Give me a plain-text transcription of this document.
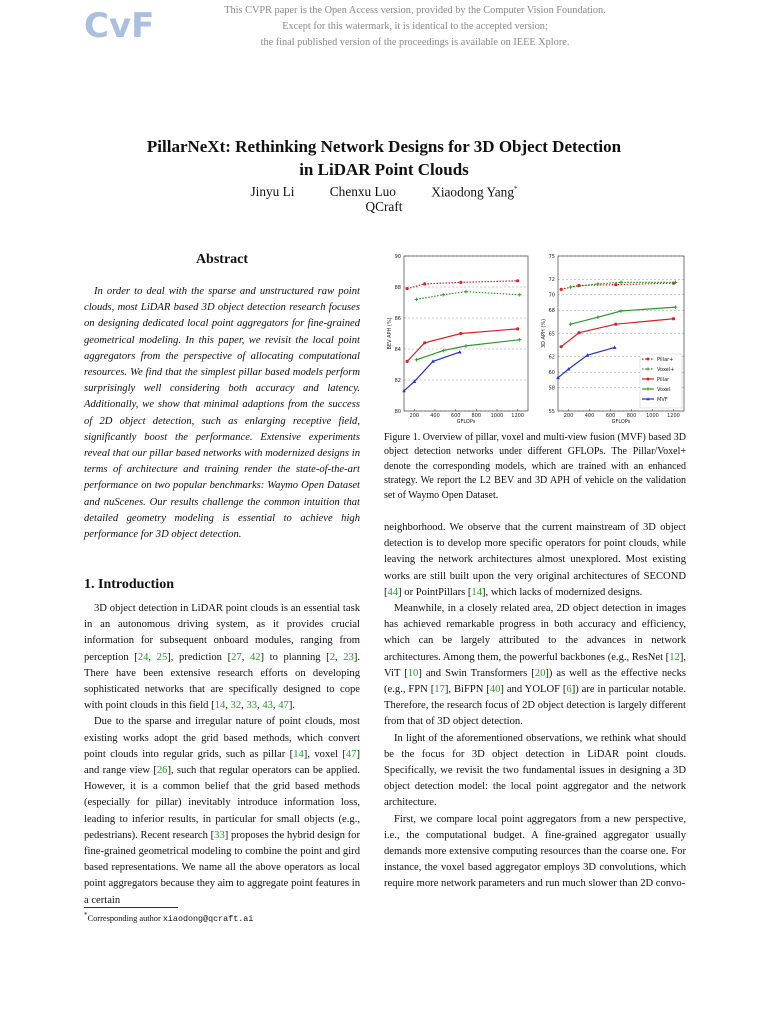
CvF	This CVPR paper is the Open Access version, provided by the Computer Vision Foundation.
Except for this watermark, it is identical to the accepted version;
the final published version of the proceedings is available on IEEE Xplore.
PillarNeXt: Rethinking Network Designs for 3D Object Detection
in LiDAR Point Clouds
Jinyu Li	Chenxu Luo	Xiaodong Yang*
QCraft
Abstract

In order to deal with the sparse and unstructured raw point clouds, most LiDAR based 3D object detection research focuses on designing dedicated local point aggregators for fine-grained geometrical modeling. In this paper, we revisit the local point aggregators from the perspective of allocating computational resources. We find that the simplest pillar based models perform surprisingly well considering both accuracy and latency. Additionally, we show that minimal adaptions from the success of 2D object detection, such as enlarging receptive field, significantly boost the performance. Extensive experiments reveal that our pillar based networks with modernized designs in terms of architecture and training render the state-of-the-art performance on two popular benchmarks: Waymo Open Dataset and nuScenes. Our results challenge the common intuition that detailed geometry modeling is essential to achieve high performance for 3D object detection.

1. Introduction

3D object detection in LiDAR point clouds is an essential task in an autonomous driving system, as it provides crucial information for subsequent onboard modules, ranging from perception [24, 25], prediction [27, 42] to planning [2, 23]. There have been extensive research efforts on developing sophisticated networks that are specifically designed to cope with point clouds in this field [14, 32, 33, 43, 47].

Due to the sparse and irregular nature of point clouds, most existing works adopt the grid based methods, which convert point clouds into regular grids, such as pillar [14], voxel [47] and range view [26], such that regular operators can be applied. However, it is a common belief that the grid based methods (especially for pillar) inevitably introduce information loss, leading to inferior results, in particular for small objects (e.g., pedestrians). Recent research [33] proposes the hybrid design for fine-grained geometrical modeling to combine the point and gird based representations. We name all the above operators as local point aggregators because they aim to aggregate point features in a certain

*Corresponding author xiaodong@qcraft.ai
80
82
84
86
88
90
200 400 600 800 1000 1200
GFLOPs
BEV APH (%)
55
58
60
62
65
68
70
72
75
200 400 600 800 1000 1200
GFLOPs
3D APH (%)
Pillar+
Voxel+
Pillar
Voxel
MVF
Figure 1. Overview of pillar, voxel and multi-view fusion (MVF) based 3D object detection networks under different GFLOPs. The Pillar/Voxel+ denote the corresponding models, which are trained with an enhanced strategy. We report the L2 BEV and 3D APH of vehicle on the validation set of Waymo Open Dataset.

neighborhood. We observe that the current mainstream of 3D object detection is to develop more specific operators for point clouds, while leaving the network architectures almost unexplored. Most existing works are still built upon the very original architectures of SECOND [44] or PointPillars [14], which lacks of modernized designs.

Meanwhile, in a closely related area, 2D object detection in images has achieved remarkable progress in both accuracy and efficiency, which can be largely attributed to the advances in network architectures. Among them, the powerful backbones (e.g., ResNet [12], ViT [10] and Swin Transformers [20]) as well as the effective necks (e.g., FPN [17], BiFPN [40] and YOLOF [6]) are in particular notable. Therefore, the research focus of 2D object detection is largely different from that of 3D object detection.

In light of the aforementioned observations, we rethink what should be the focus for 3D object detection in LiDAR point clouds. Specifically, we revisit the two fundamental issues in designing a 3D object detection model: the local point aggregator and the network architecture.

First, we compare local point aggregators from a new perspective, i.e., the computational budget. A fine-grained aggregator usually demands more extensive computing resources than the coarse one. For instance, the voxel based aggregator employs 3D convolutions, which require more network parameters and run much slower than 2D convo-
